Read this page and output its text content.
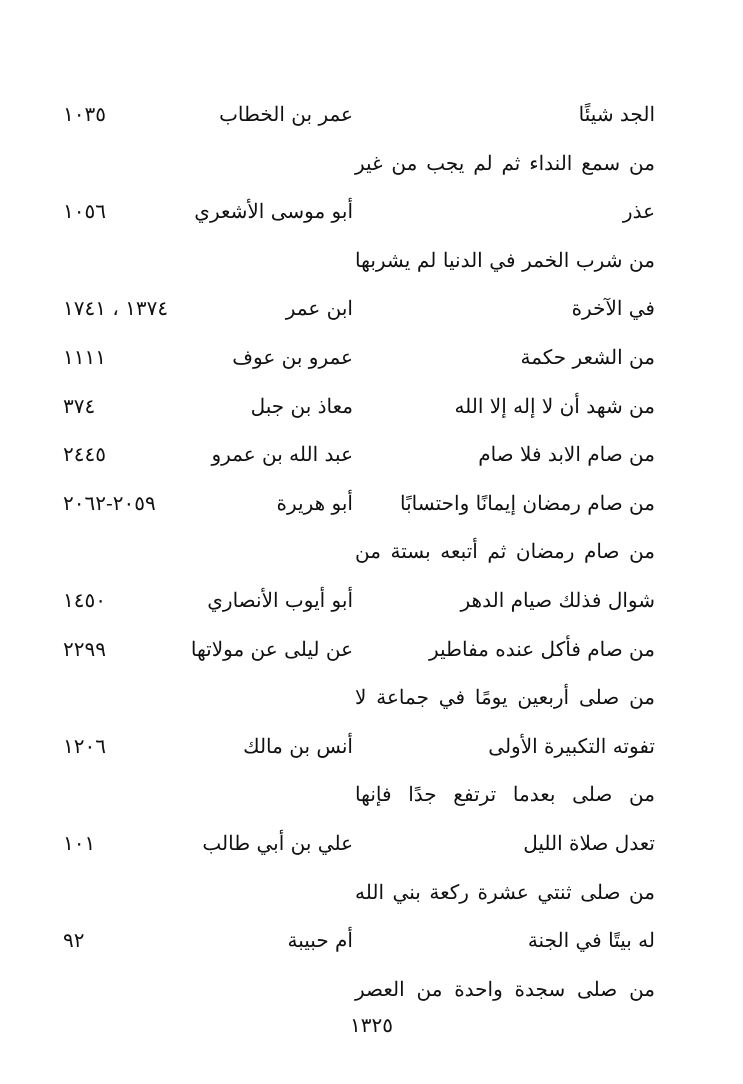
الجد شيئًا
عمر بن الخطاب
١٠٣٥
من سمع النداء ثم لم يجب من غير
عذر
أبو موسى الأشعري
١٠٥٦
من شرب الخمر في الدنيا لم يشربها
في الآخرة
ابن عمر
١٣٧٤ ، ١٧٤١
من الشعر حكمة
عمرو بن عوف
١١١١
من شهد أن لا إله إلا الله
معاذ بن جبل
٣٧٤
من صام الابد فلا صام
عبد الله بن عمرو
٢٤٤٥
من صام رمضان إيمانًا واحتسابًا
أبو هريرة
٢٠٥٩-٢٠٦٢
من صام رمضان ثم أتبعه بستة من
شوال فذلك صيام الدهر
أبو أيوب الأنصاري
١٤٥٠
من صام فأكل عنده مفاطير
عن ليلى عن مولاتها
٢٢٩٩
من صلى أربعين يومًا في جماعة لا
تفوته التكبيرة الأولى
أنس بن مالك
١٢٠٦
من صلى بعدما ترتفع جدًا فإنها
تعدل صلاة الليل
علي بن أبي طالب
١٠١
من صلى ثنتي عشرة ركعة بني الله
له بيتًا في الجنة
أم حبيبة
٩٢
من صلى سجدة واحدة من العصر
١٣٢٥
